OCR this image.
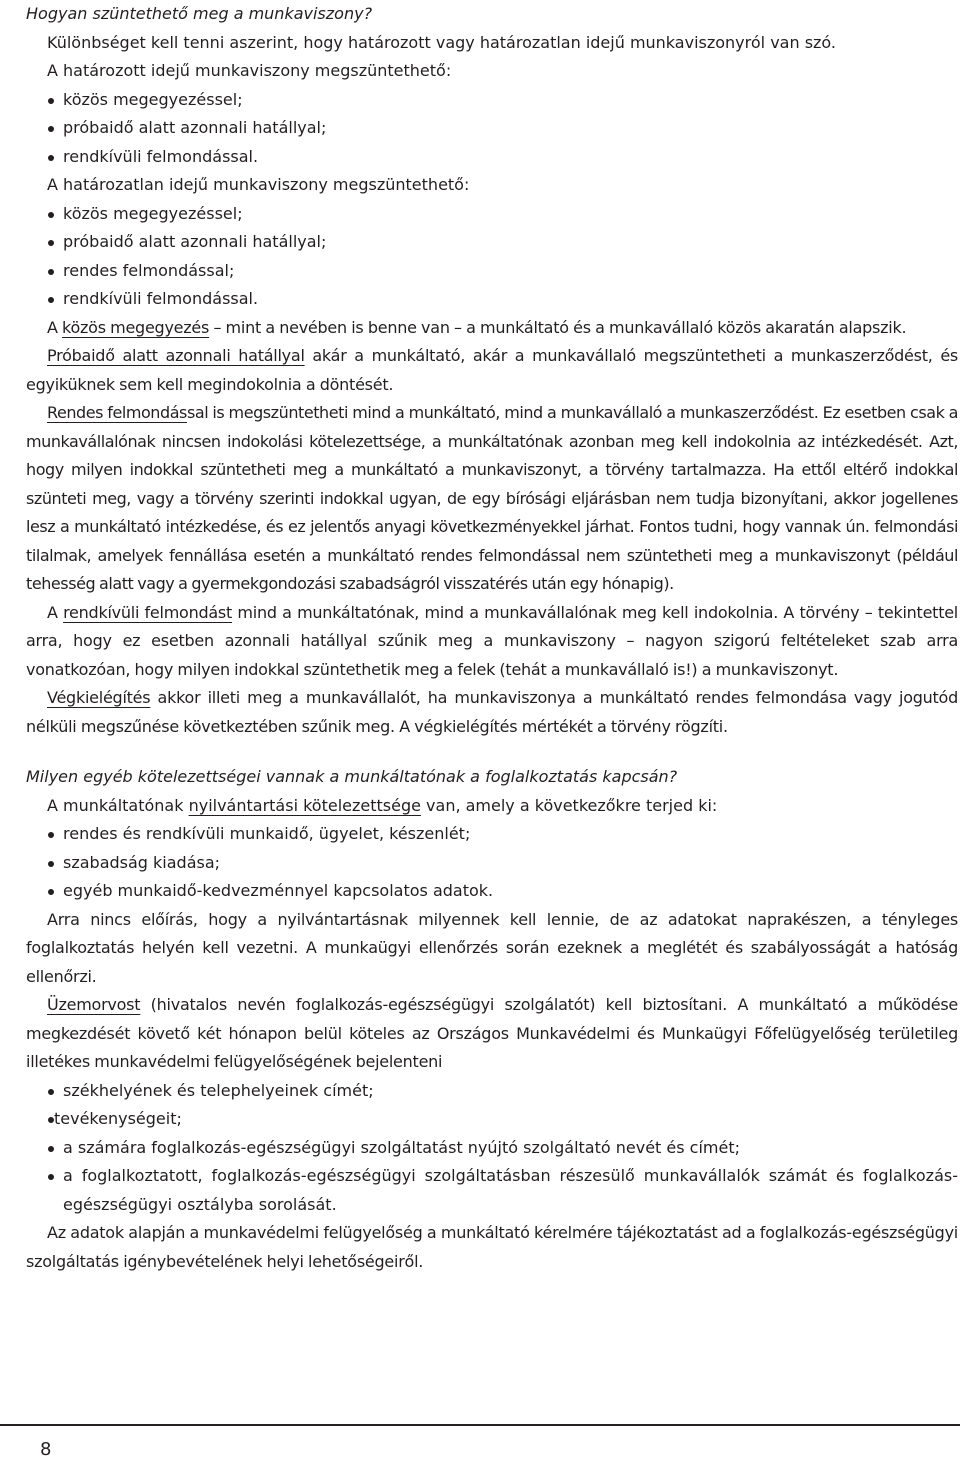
Hogyan szüntethető meg a munkaviszony?

Különbséget kell tenni aszerint, hogy határozott vagy határozatlan idejű munkaviszonyról van szó.

A határozott idejű munkaviszony megszüntethető:

közös megegyezéssel;
próbaidő alatt azonnali hatállyal;
rendkívüli felmondással.

A határozatlan idejű munkaviszony megszüntethető:

közös megegyezéssel;
próbaidő alatt azonnali hatállyal;
rendes felmondással;
rendkívüli felmondással.

A közös megegyezés – mint a nevében is benne van – a munkáltató és a munkavállaló közös akaratán alapszik.

Próbaidő alatt azonnali hatállyal akár a munkáltató, akár a munkavállaló megszüntetheti a munkaszerződést, és egyiküknek sem kell megindokolnia a döntését.

Rendes felmondással is megszüntetheti mind a munkáltató, mind a munkavállaló a munkaszerződést. Ez esetben csak a munkavállalónak nincsen indokolási kötelezettsége, a munkáltatónak azonban meg kell indokolnia az intézkedését. Azt, hogy milyen indokkal szüntetheti meg a munkáltató a munkaviszonyt, a törvény tartalmazza. Ha ettől eltérő indokkal szünteti meg, vagy a törvény szerinti indokkal ugyan, de egy bírósági eljárásban nem tudja bizonyítani, akkor jogellenes lesz a munkáltató intézkedése, és ez jelentős anyagi következményekkel járhat. Fontos tudni, hogy vannak ún. felmondási tilalmak, amelyek fennállása esetén a munkáltató rendes felmondással nem szüntetheti meg a munkaviszonyt (például tehesség alatt vagy a gyermekgondozási szabadságról visszatérés után egy hónapig).

A rendkívüli felmondást mind a munkáltatónak, mind a munkavállalónak meg kell indokolnia. A törvény – tekintettel arra, hogy ez esetben azonnali hatállyal szűnik meg a munkaviszony – nagyon szigorú feltételeket szab arra vonatkozóan, hogy milyen indokkal szüntethetik meg a felek (tehát a munkavállaló is!) a munkaviszonyt.

Végkielégítés akkor illeti meg a munkavállalót, ha munkaviszonya a munkáltató rendes felmondása vagy jogutód nélküli megszűnése következtében szűnik meg. A végkielégítés mértékét a törvény rögzíti.

Milyen egyéb kötelezettségei vannak a munkáltatónak a foglalkoztatás kapcsán?

A munkáltatónak nyilvántartási kötelezettsége van, amely a következőkre terjed ki:

rendes és rendkívüli munkaidő, ügyelet, készenlét;
szabadság kiadása;
egyéb munkaidő-kedvezménnyel kapcsolatos adatok.

Arra nincs előírás, hogy a nyilvántartásnak milyennek kell lennie, de az adatokat naprakészen, a tényleges foglalkoztatás helyén kell vezetni. A munkaügyi ellenőrzés során ezeknek a meglétét és szabályosságát a hatóság ellenőrzi.

Üzemorvost (hivatalos nevén foglalkozás-egészségügyi szolgálatót) kell biztosítani. A munkáltató a működése megkezdését követő két hónapon belül köteles az Országos Munkavédelmi és Munkaügyi Főfelügyelőség területileg illetékes munkavédelmi felügyelőségének bejelenteni

székhelyének és telephelyeinek címét;
tevékenységeit;
a számára foglalkozás-egészségügyi szolgáltatást nyújtó szolgáltató nevét és címét;
a foglalkoztatott, foglalkozás-egészségügyi szolgáltatásban részesülő munkavállalók számát és foglalkozás-egészségügyi osztályba sorolását.

Az adatok alapján a munkavédelmi felügyelőség a munkáltató kérelmére tájékoztatást ad a foglalkozás-egészségügyi szolgáltatás igénybevételének helyi lehetőségeiről.

8
